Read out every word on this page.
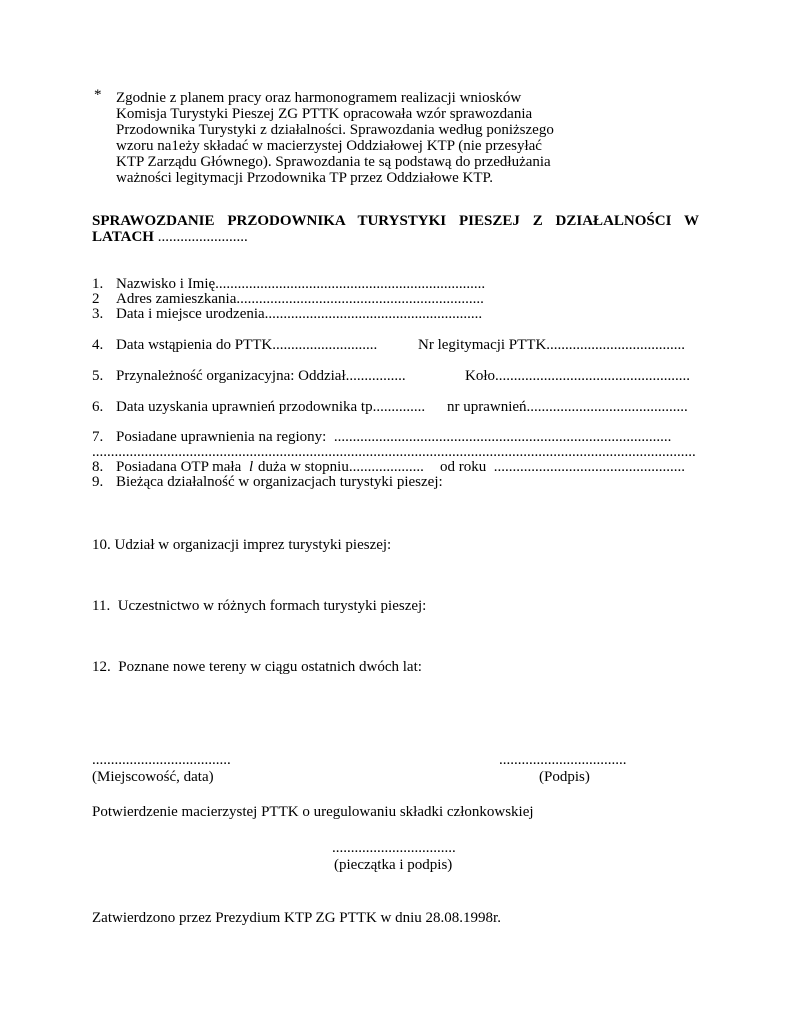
* Zgodnie z planem pracy oraz harmonogramem realizacji wniosków
Komisja Turystyki Pieszej ZG PTTK opracowała wzór sprawozdania
Przodownika Turystyki z działalności. Sprawozdania według poniższego
wzoru na1eży składać w macierzystej Oddziałowej KTP (nie przesyłać
KTP Zarządu Głównego). Sprawozdania te są podstawą do przedłużania
ważności legitymacji Przodownika TP przez Oddziałowe KTP.
SPRAWOZDANIE PRZODOWNIKA TURYSTYKI PIESZEJ Z DZIAŁALNOŚCI W LATACH ........................
1. Nazwisko i Imię........................................................................
2 Adres zamieszkania..................................................................
3. Data i miejsce urodzenia..........................................................
4. Data wstąpienia do PTTK............................	Nr legitymacji PTTK.....................................
5. Przynależność organizacyjna: Oddział................	Koło....................................................
6. Data uzyskania uprawnień przodownika tp.............. nr uprawnień...........................................
7. Posiadane uprawnienia na regiony:  ..........................................................................................
.................................................................................................................................................................
8. Posiadana OTP mała l duża w stopniu.................... od roku  ...................................................
9. Bieżąca działalność w organizacjach turystyki pieszej:
10. Udział w organizacji imprez turystyki pieszej:
11.  Uczestnictwo w różnych formach turystyki pieszej:
12.  Poznane nowe tereny w ciągu ostatnich dwóch lat:
.....................................
(Miejscowość, data)
..................................
(Podpis)
Potwierdzenie macierzystej PTTK o uregulowaniu składki członkowskiej
.................................
(pieczątka i podpis)
Zatwierdzono przez Prezydium KTP ZG PTTK w dniu 28.08.1998r.
